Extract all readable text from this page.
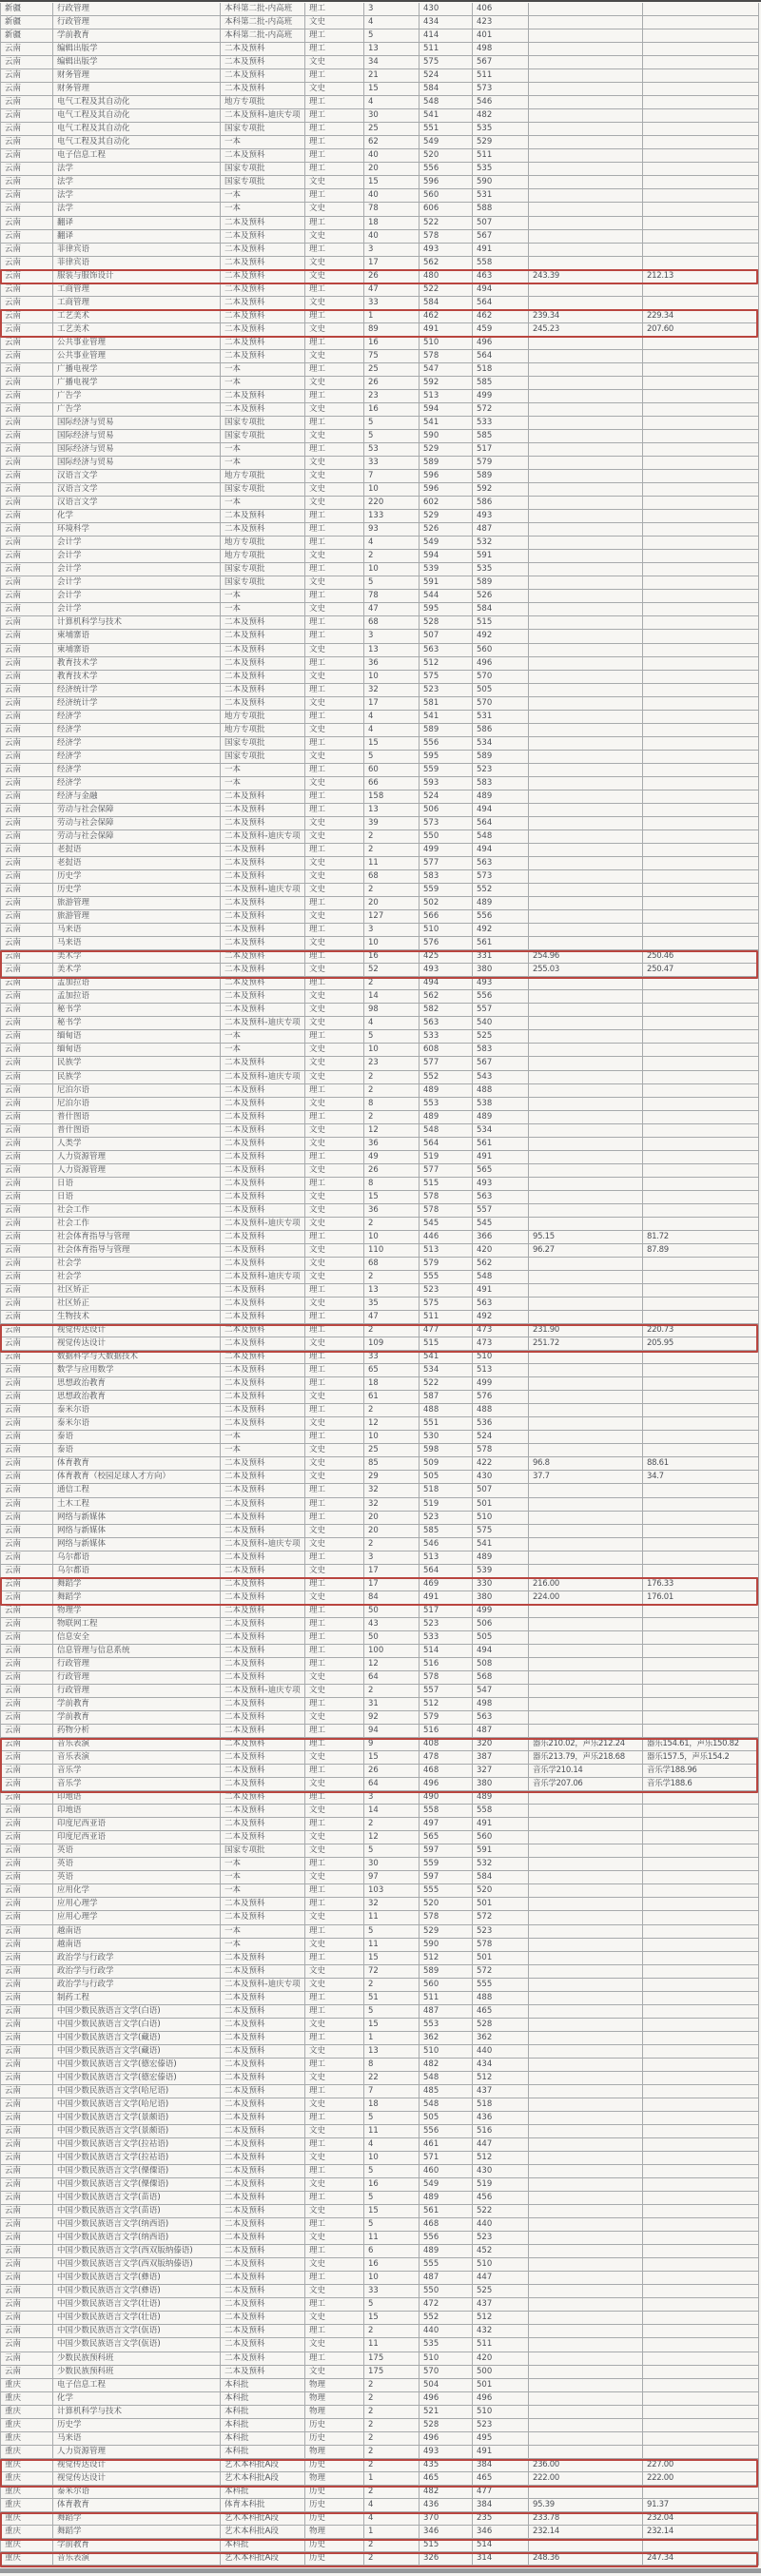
新疆	行政管理	本科第二批-内高班	理工	3	430	406
新疆	行政管理	本科第二批-内高班	文史	4	434	423
新疆	学前教育	本科第二批-内高班	理工	5	414	401
云南	编辑出版学	二本及预科	理工	13	511	498
云南	编辑出版学	二本及预科	文史	34	575	567
云南	财务管理	二本及预科	理工	21	524	511
云南	财务管理	二本及预科	文史	15	584	573
云南	电气工程及其自动化	地方专项批	理工	4	548	546
云南	电气工程及其自动化	二本及预科-迪庆专项	理工	30	541	482
云南	电气工程及其自动化	国家专项批	理工	25	551	535
云南	电气工程及其自动化	一本	理工	62	549	529
云南	电子信息工程	二本及预科	理工	40	520	511
云南	法学	国家专项批	理工	20	556	535
云南	法学	国家专项批	文史	15	596	590
云南	法学	一本	理工	40	560	531
云南	法学	一本	文史	78	606	588
云南	翻译	二本及预科	理工	18	522	507
云南	翻译	二本及预科	文史	40	578	567
云南	菲律宾语	二本及预科	理工	3	493	491
云南	菲律宾语	二本及预科	文史	17	562	558
云南	服装与服饰设计	二本及预科	文史	26	480	463	243.39	212.13
云南	工商管理	二本及预科	理工	47	522	494
云南	工商管理	二本及预科	文史	33	584	564
云南	工艺美术	二本及预科	理工	1	462	462	239.34	229.34
云南	工艺美术	二本及预科	文史	89	491	459	245.23	207.60
云南	公共事业管理	二本及预科	理工	16	510	496
云南	公共事业管理	二本及预科	文史	75	578	564
云南	广播电视学	一本	理工	25	547	518
云南	广播电视学	一本	文史	26	592	585
云南	广告学	二本及预科	理工	23	513	499
云南	广告学	二本及预科	文史	16	594	572
云南	国际经济与贸易	国家专项批	理工	5	541	533
云南	国际经济与贸易	国家专项批	文史	5	590	585
云南	国际经济与贸易	一本	理工	53	529	517
云南	国际经济与贸易	一本	文史	33	589	579
云南	汉语言文学	地方专项批	文史	7	596	589
云南	汉语言文学	国家专项批	文史	10	596	592
云南	汉语言文学	一本	文史	220	602	586
云南	化学	二本及预科	理工	133	529	493
云南	环境科学	二本及预科	理工	93	526	487
云南	会计学	地方专项批	理工	4	549	532
云南	会计学	地方专项批	文史	2	594	591
云南	会计学	国家专项批	理工	10	539	535
云南	会计学	国家专项批	文史	5	591	589
云南	会计学	一本	理工	78	544	526
云南	会计学	一本	文史	47	595	584
云南	计算机科学与技术	二本及预科	理工	68	528	515
云南	柬埔寨语	二本及预科	理工	3	507	492
云南	柬埔寨语	二本及预科	文史	13	563	560
云南	教育技术学	二本及预科	理工	36	512	496
云南	教育技术学	二本及预科	文史	10	575	570
云南	经济统计学	二本及预科	理工	32	523	505
云南	经济统计学	二本及预科	文史	17	581	570
云南	经济学	地方专项批	理工	4	541	531
云南	经济学	地方专项批	文史	4	589	586
云南	经济学	国家专项批	理工	15	556	534
云南	经济学	国家专项批	文史	5	595	589
云南	经济学	一本	理工	60	559	523
云南	经济学	一本	文史	66	593	583
云南	经济与金融	二本及预科	理工	158	524	489
云南	劳动与社会保障	二本及预科	理工	13	506	494
云南	劳动与社会保障	二本及预科	文史	39	573	564
云南	劳动与社会保障	二本及预科-迪庆专项	文史	2	550	548
云南	老挝语	二本及预科	理工	2	499	494
云南	老挝语	二本及预科	文史	11	577	563
云南	历史学	二本及预科	文史	68	583	573
云南	历史学	二本及预科-迪庆专项	文史	2	559	552
云南	旅游管理	二本及预科	理工	20	502	489
云南	旅游管理	二本及预科	文史	127	566	556
云南	马来语	二本及预科	理工	3	510	492
云南	马来语	二本及预科	文史	10	576	561
云南	美术学	二本及预科	理工	16	425	331	254.96	250.46
云南	美术学	二本及预科	文史	52	493	380	255.03	250.47
云南	孟加拉语	二本及预科	理工	2	494	493
云南	孟加拉语	二本及预科	文史	14	562	556
云南	秘书学	二本及预科	文史	98	582	557
云南	秘书学	二本及预科-迪庆专项	文史	4	563	540
云南	缅甸语	一本	理工	5	533	525
云南	缅甸语	一本	文史	10	608	583
云南	民族学	二本及预科	文史	23	577	567
云南	民族学	二本及预科-迪庆专项	文史	2	552	543
云南	尼泊尔语	二本及预科	理工	2	489	488
云南	尼泊尔语	二本及预科	文史	8	553	538
云南	普什图语	二本及预科	理工	2	489	489
云南	普什图语	二本及预科	文史	12	548	534
云南	人类学	二本及预科	文史	36	564	561
云南	人力资源管理	二本及预科	理工	49	519	491
云南	人力资源管理	二本及预科	文史	26	577	565
云南	日语	二本及预科	理工	8	515	493
云南	日语	二本及预科	文史	15	578	563
云南	社会工作	二本及预科	文史	36	578	557
云南	社会工作	二本及预科-迪庆专项	文史	2	545	545
云南	社会体育指导与管理	二本及预科	理工	10	446	366	95.15	81.72
云南	社会体育指导与管理	二本及预科	文史	110	513	420	96.27	87.89
云南	社会学	二本及预科	文史	68	579	562
云南	社会学	二本及预科-迪庆专项	文史	2	555	548
云南	社区矫正	二本及预科	理工	13	523	491
云南	社区矫正	二本及预科	文史	35	575	563
云南	生物技术	二本及预科	理工	47	511	492
云南	视觉传达设计	二本及预科	理工	2	477	473	231.90	220.73
云南	视觉传达设计	二本及预科	文史	109	515	473	251.72	205.95
云南	数据科学与大数据技术	二本及预科	理工	33	541	510
云南	数学与应用数学	二本及预科	理工	65	534	513
云南	思想政治教育	二本及预科	理工	18	522	499
云南	思想政治教育	二本及预科	文史	61	587	576
云南	泰米尔语	二本及预科	理工	2	488	488
云南	泰米尔语	二本及预科	文史	12	551	536
云南	泰语	一本	理工	10	530	524
云南	泰语	一本	文史	25	598	578
云南	体育教育	二本及预科	文史	85	509	422	96.8	88.61
云南	体育教育（校园足球人才方向）	二本及预科	文史	29	505	430	37.7	34.7
云南	通信工程	二本及预科	理工	32	518	507
云南	土木工程	二本及预科	理工	32	519	501
云南	网络与新媒体	二本及预科	理工	20	523	510
云南	网络与新媒体	二本及预科	文史	20	585	575
云南	网络与新媒体	二本及预科-迪庆专项	文史	2	546	541
云南	乌尔都语	二本及预科	理工	3	513	489
云南	乌尔都语	二本及预科	文史	17	564	539
云南	舞蹈学	二本及预科	理工	17	469	330	216.00	176.33
云南	舞蹈学	二本及预科	文史	84	491	380	224.00	176.01
云南	物理学	二本及预科	理工	50	517	499
云南	物联网工程	二本及预科	理工	43	523	506
云南	信息安全	二本及预科	理工	50	533	505
云南	信息管理与信息系统	二本及预科	理工	100	514	494
云南	行政管理	二本及预科	理工	12	516	508
云南	行政管理	二本及预科	文史	64	578	568
云南	行政管理	二本及预科-迪庆专项	文史	2	557	547
云南	学前教育	二本及预科	理工	31	512	498
云南	学前教育	二本及预科	文史	92	579	563
云南	药物分析	二本及预科	理工	94	516	487
云南	音乐表演	二本及预科	理工	9	408	320	器乐210.02，声乐212.24	器乐154.61，声乐150.82
云南	音乐表演	二本及预科	文史	15	478	387	器乐213.79，声乐218.68	器乐157.5，声乐154.2
云南	音乐学	二本及预科	理工	26	468	327	音乐学210.14	音乐学188.96
云南	音乐学	二本及预科	文史	64	496	380	音乐学207.06	音乐学188.6
云南	印地语	二本及预科	理工	3	490	489
云南	印地语	二本及预科	文史	14	558	558
云南	印度尼西亚语	二本及预科	理工	2	497	491
云南	印度尼西亚语	二本及预科	文史	12	565	560
云南	英语	国家专项批	文史	5	597	591
云南	英语	一本	理工	30	559	532
云南	英语	一本	文史	97	597	584
云南	应用化学	一本	理工	103	555	520
云南	应用心理学	二本及预科	理工	32	520	501
云南	应用心理学	二本及预科	文史	11	578	572
云南	越南语	一本	理工	5	529	523
云南	越南语	一本	文史	11	590	578
云南	政治学与行政学	二本及预科	理工	15	512	501
云南	政治学与行政学	二本及预科	文史	72	589	572
云南	政治学与行政学	二本及预科-迪庆专项	文史	2	560	555
云南	制药工程	二本及预科	理工	51	511	488
云南	中国少数民族语言文学(白语)	二本及预科	理工	5	487	465
云南	中国少数民族语言文学(白语)	二本及预科	文史	15	553	528
云南	中国少数民族语言文学(藏语)	二本及预科	理工	1	362	362
云南	中国少数民族语言文学(藏语)	二本及预科	文史	13	510	440
云南	中国少数民族语言文学(德宏傣语)	二本及预科	理工	8	482	434
云南	中国少数民族语言文学(德宏傣语)	二本及预科	文史	22	548	512
云南	中国少数民族语言文学(哈尼语)	二本及预科	理工	7	485	437
云南	中国少数民族语言文学(哈尼语)	二本及预科	文史	18	548	518
云南	中国少数民族语言文学(景颇语)	二本及预科	理工	5	505	436
云南	中国少数民族语言文学(景颇语)	二本及预科	文史	11	556	516
云南	中国少数民族语言文学(拉祜语)	二本及预科	理工	4	461	447
云南	中国少数民族语言文学(拉祜语)	二本及预科	文史	10	571	512
云南	中国少数民族语言文学(傈僳语)	二本及预科	理工	5	460	430
云南	中国少数民族语言文学(傈僳语)	二本及预科	文史	16	549	519
云南	中国少数民族语言文学(苗语)	二本及预科	理工	5	489	456
云南	中国少数民族语言文学(苗语)	二本及预科	文史	15	561	522
云南	中国少数民族语言文学(纳西语)	二本及预科	理工	5	468	440
云南	中国少数民族语言文学(纳西语)	二本及预科	文史	11	556	523
云南	中国少数民族语言文学(西双版纳傣语)	二本及预科	理工	6	489	452
云南	中国少数民族语言文学(西双版纳傣语)	二本及预科	文史	16	555	510
云南	中国少数民族语言文学(彝语)	二本及预科	理工	10	487	447
云南	中国少数民族语言文学(彝语)	二本及预科	文史	33	550	525
云南	中国少数民族语言文学(壮语)	二本及预科	理工	5	472	437
云南	中国少数民族语言文学(壮语)	二本及预科	文史	15	552	512
云南	中国少数民族语言文学(佤语)	二本及预科	理工	2	440	432
云南	中国少数民族语言文学(佤语)	二本及预科	文史	11	535	511
云南	少数民族预科班	二本及预科	理工	175	510	420
云南	少数民族预科班	二本及预科	文史	175	570	500
重庆	电子信息工程	本科批	物理	2	504	501
重庆	化学	本科批	物理	2	496	496
重庆	计算机科学与技术	本科批	物理	2	521	510
重庆	历史学	本科批	历史	2	528	523
重庆	马来语	本科批	历史	2	496	495
重庆	人力资源管理	本科批	物理	2	493	491
重庆	视觉传达设计	艺术本科批A段	历史	2	435	384	236.00	227.00
重庆	视觉传达设计	艺术本科批A段	物理	1	465	465	222.00	222.00
重庆	泰米尔语	本科批	历史	2	482	477
重庆	体育教育	体育本科批	历史	4	436	384	95.39	91.37
重庆	舞蹈学	艺术本科批A段	历史	4	370	235	233.78	232.04
重庆	舞蹈学	艺术本科批A段	物理	1	346	346	232.14	232.14
重庆	学前教育	本科批	历史	2	515	514
重庆	音乐表演	艺术本科批A段	历史	2	326	314	248.36	247.34
